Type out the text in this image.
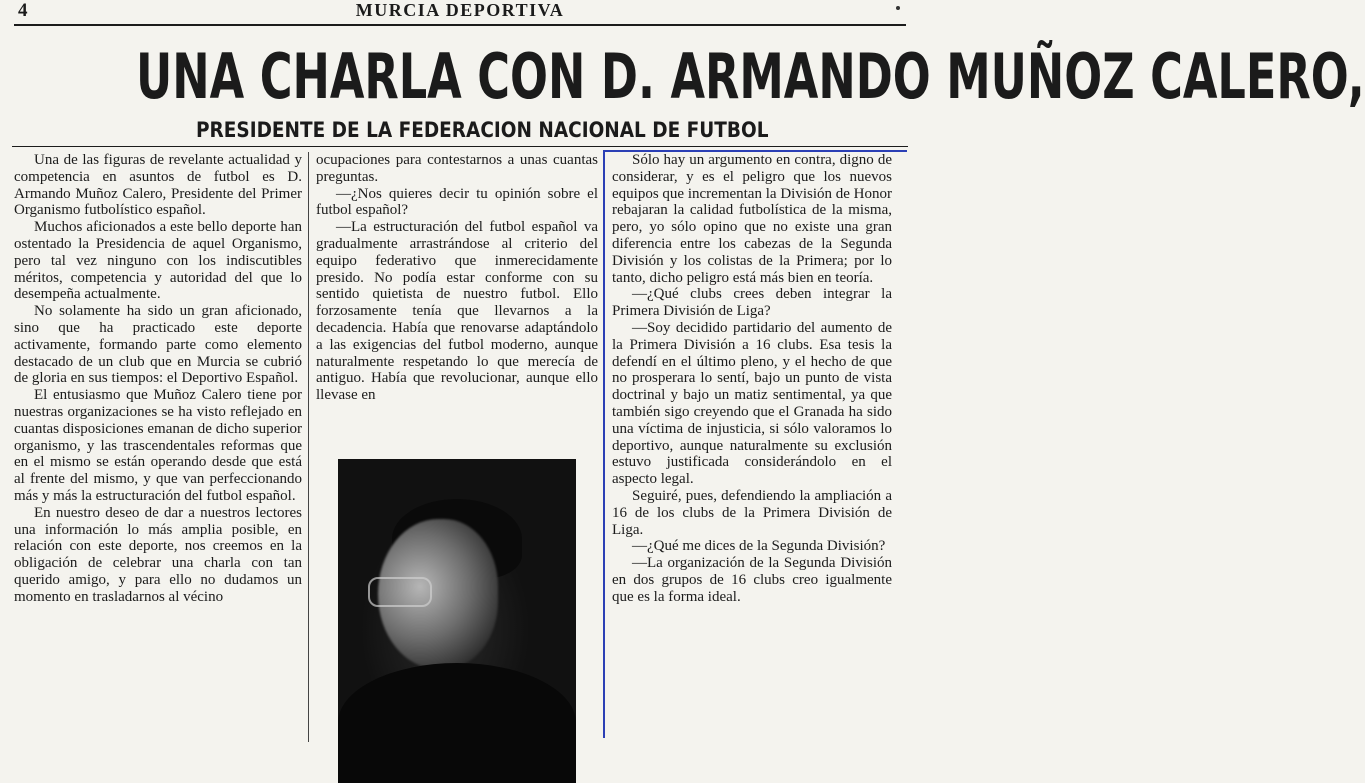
4	MURCIA DEPORTIVA
UNA CHARLA CON D. ARMANDO MUÑOZ CALERO,
PRESIDENTE DE LA FEDERACION NACIONAL DE FUTBOL

Una de las figuras de revelante actualidad y competencia en asuntos de futbol es D. Armando Muñoz Calero, Presidente del Primer Organismo futbolístico español.

Muchos aficionados a este bello deporte han ostentado la Presidencia de aquel Organismo, pero tal vez ninguno con los indiscutibles méritos, competencia y autoridad del que lo desempeña actualmente.

No solamente ha sido un gran aficionado, sino que ha practicado este deporte activamente, formando parte como elemento destacado de un club que en Murcia se cubrió de gloria en sus tiempos: el Deportivo Español.

El entusiasmo que Muñoz Calero tiene por nuestras organizaciones se ha visto reflejado en cuantas disposiciones emanan de dicho superior organismo, y las trascendentales reformas que en el mismo se están operando desde que está al frente del mismo, y que van perfeccionando más y más la estructuración del futbol español.

En nuestro deseo de dar a nuestros lectores una información lo más amplia posible, en relación con este deporte, nos creemos en la obligación de celebrar una charla con tan querido amigo, y para ello no dudamos un momento en trasladarnos al vécino

ocupaciones para contestarnos a unas cuantas preguntas.

—¿Nos quieres decir tu opinión sobre el futbol español?

—La estructuración del futbol español va gradualmente arrastrándose al criterio del equipo federativo que inmerecidamente presido. No podía estar conforme con su sentido quietista de nuestro futbol. Ello forzosamente tenía que llevarnos a la decadencia. Había que renovarse adaptándolo a las exigencias del futbol moderno, aunque naturalmente respetando lo que merecía de antiguo. Había que revolucionar, aunque ello llevase en

Sólo hay un argumento en contra, digno de considerar, y es el peligro que los nuevos equipos que incrementan la División de Honor rebajaran la calidad futbolística de la misma, pero, yo sólo opino que no existe una gran diferencia entre los cabezas de la Segunda División y los colistas de la Primera; por lo tanto, dicho peligro está más bien en teoría.

—¿Qué clubs crees deben integrar la Primera División de Liga?

—Soy decidido partidario del aumento de la Primera División a 16 clubs. Esa tesis la defendí en el último pleno, y el hecho de que no prosperara lo sentí, bajo un punto de vista doctrinal y bajo un matiz sentimental, ya que también sigo creyendo que el Granada ha sido una víctima de injusticia, si sólo valoramos lo deportivo, aunque naturalmente su exclusión estuvo justificada considerándolo en el aspecto legal.

Seguiré, pues, defendiendo la ampliación a 16 de los clubs de la Primera División de Liga.

—¿Qué me dices de la Segunda División?

—La organización de la Segunda División en dos grupos de 16 clubs creo igualmente que es la forma ideal.
